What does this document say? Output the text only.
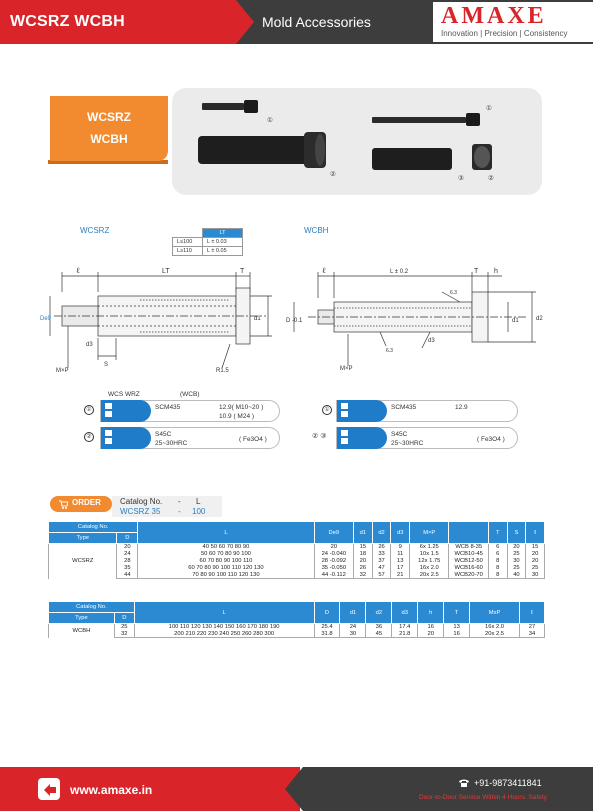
WCSRZ WCBH	Mold Accessories	AMAXE
Innovation | Precision | Consistency
WCSRZ
WCBH
①
②
①
③	②
WCSRZ	WCBH
	LT
L≤100	L ± 0.03
L≥110	L ± 0.05
ℓ	LT	T
De9	d1
d3
S
M×P	R1.5
ℓ	L ± 0.2	T h
D -0.1
6.3
d1
d3
d2
M×P
6.3
WCS WRZ	(WCB)
①	SCM435	12.9( M10~20 )
10.9 ( M24 )
②	S45C
25~30HRC
( Fe3O4 )
①	SCM435	12.9
② ③	S45C
25~30HRC
( Fe3O4 )
ORDER Catalog No. - L
WCSRZ 35 - 100
Catalog No.		L	De9	d1	d2	d3	M×P		T	S	ℓ
Type	D										
WCSRZ	20	40 50 60 70 80 90	20	15	26	9	6x 1.25	WCB 8-35	6	20	15
	24	50 60 70 80 90 100	24 -0.040	18	33	11	10x 1.5	WCB10-45	6	25	20
	28	60 70 80 90 100 110	28 -0.092	20	37	13	12x 1.75	WCB12-50	8	30	20
	35	60 70 80 90 100 110 120 130	35 -0.050	26	47	17	16x 2.0	WCB16-60	8	25	25
	44	70 80 90 100 110 120 130	44 -0.112	32	57	21	20x 2.5	WCB20-70	8	40	30
Catalog No.		L	D	d1	d2	d3	h	T	MxP	ℓ
Type	D									
WCBH	25	100 110 120 130 140 150 160 170 180 190	25.4	24	36	17.4	16	13	16x 2.0	27
	32	200 210 220 230 240 250 260 280 300	31.8	30	45	21.8	20	16	20x 2.5	34
www.amaxe.in	+91-9873411841
Door-to-Door Service Within 4 Hours. Safety
